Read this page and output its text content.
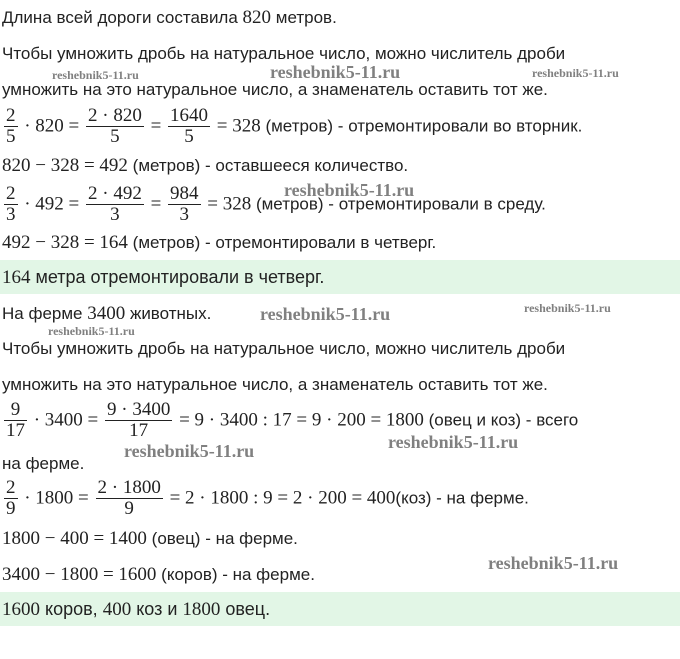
Длина всей дороги составила 820 метров.
Чтобы умножить дробь на натуральное число, можно числитель дроби
умножить на это натуральное число, а знаменатель оставить тот же.
$\frac{2}{5} \cdot 820 = \frac{2 \cdot 820}{5} = \frac{1640}{5} = 328$ (метров) - отремонтировали во вторник.
820 − 328 = 492 (метров) - оставшееся количество.
$\frac{2}{3} \cdot 492 = \frac{2 \cdot 492}{3} = \frac{984}{3} = 328$ (метров) - отремонтировали в среду.
492 − 328 = 164 (метров) - отремонтировали в четверг.
164 метра отремонтировали в четверг.
На ферме 3400 животных.
Чтобы умножить дробь на натуральное число, можно числитель дроби
умножить на это натуральное число, а знаменатель оставить тот же.
$\frac{9}{17} \cdot 3400 = \frac{9 \cdot 3400}{17} = 9 \cdot 3400$ : 17 = 9 · 200 = 1800 (овец и коз) - всего
на ферме.
$\frac{2}{9} \cdot 1800 = \frac{2 \cdot 1800}{9} = 2 \cdot 1800$ : 9 = 2 · 200 = 400(коз) - на ферме.
1800 − 400 = 1400 (овец) - на ферме.
3400 − 1800 = 1600 (коров) - на ферме.
1600 коров, 400 коз и 1800 овец.
reshebnik5-11.ru	reshebnik5-11.ru	reshebnik5-11.ru
reshebnik5-11.ru
reshebnik5-11.ru	reshebnik5-11.ru
reshebnik5-11.ru
reshebnik5-11.ru
reshebnik5-11.ru
reshebnik5-11.ru
